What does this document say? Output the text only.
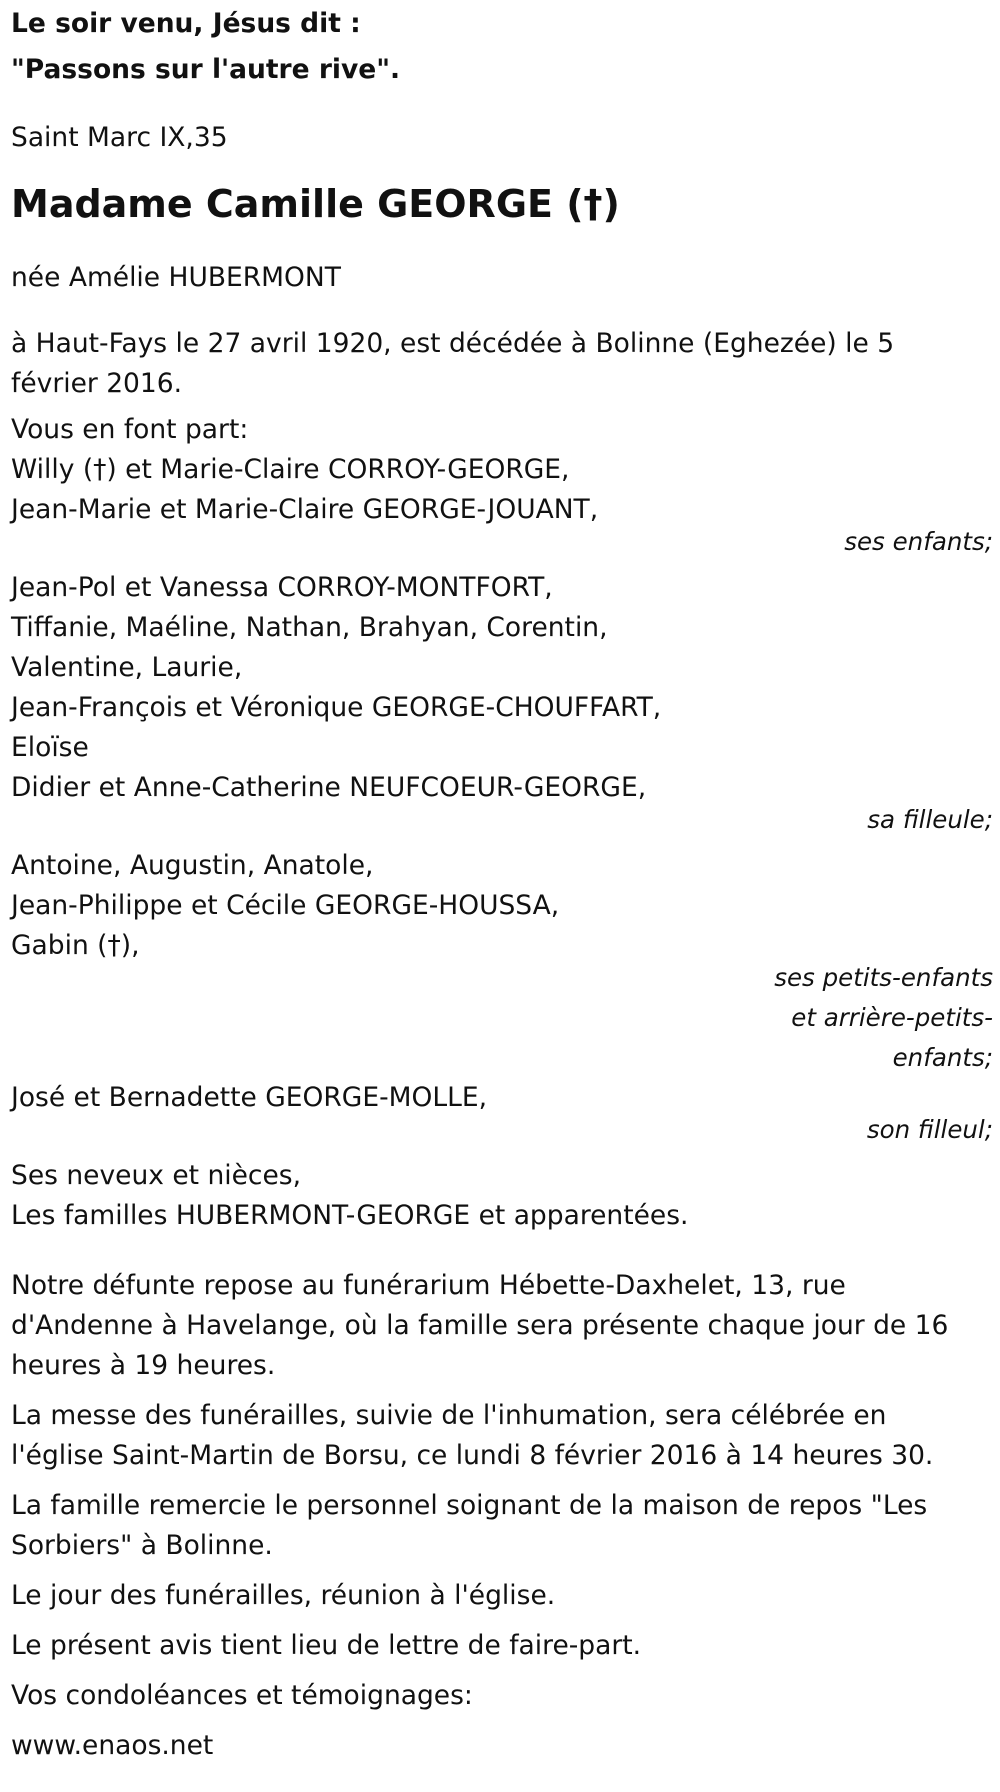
Le soir venu, Jésus dit :
"Passons sur l'autre rive".
Saint Marc IX,35
Madame Camille GEORGE (†)
née Amélie HUBERMONT
à Haut-Fays le 27 avril 1920, est décédée à Bolinne (Eghezée) le 5 février 2016.
Vous en font part:
Willy (†) et Marie-Claire CORROY-GEORGE,
Jean-Marie et Marie-Claire GEORGE-JOUANT,
ses enfants;
Jean-Pol et Vanessa CORROY-MONTFORT,
Tiffanie, Maéline, Nathan, Brahyan, Corentin,
Valentine, Laurie,
Jean-François et Véronique GEORGE-CHOUFFART,
Eloïse
Didier et Anne-Catherine NEUFCOEUR-GEORGE,
sa filleule;
Antoine, Augustin, Anatole,
Jean-Philippe et Cécile GEORGE-HOUSSA,
Gabin (†),
ses petits-enfants
et arrière-petits-
enfants;
José et Bernadette GEORGE-MOLLE,
son filleul;
Ses neveux et nièces,
Les familles HUBERMONT-GEORGE et apparentées.
Notre défunte repose au funérarium Hébette-Daxhelet, 13, rue d'Andenne à Havelange, où la famille sera présente chaque jour de 16 heures à 19 heures.
La messe des funérailles, suivie de l'inhumation, sera célébrée en l'église Saint-Martin de Borsu, ce lundi 8 février 2016 à 14 heures 30.
La famille remercie le personnel soignant de la maison de repos "Les Sorbiers" à Bolinne.
Le jour des funérailles, réunion à l'église.
Le présent avis tient lieu de lettre de faire-part.
Vos condoléances et témoignages:
www.enaos.net
